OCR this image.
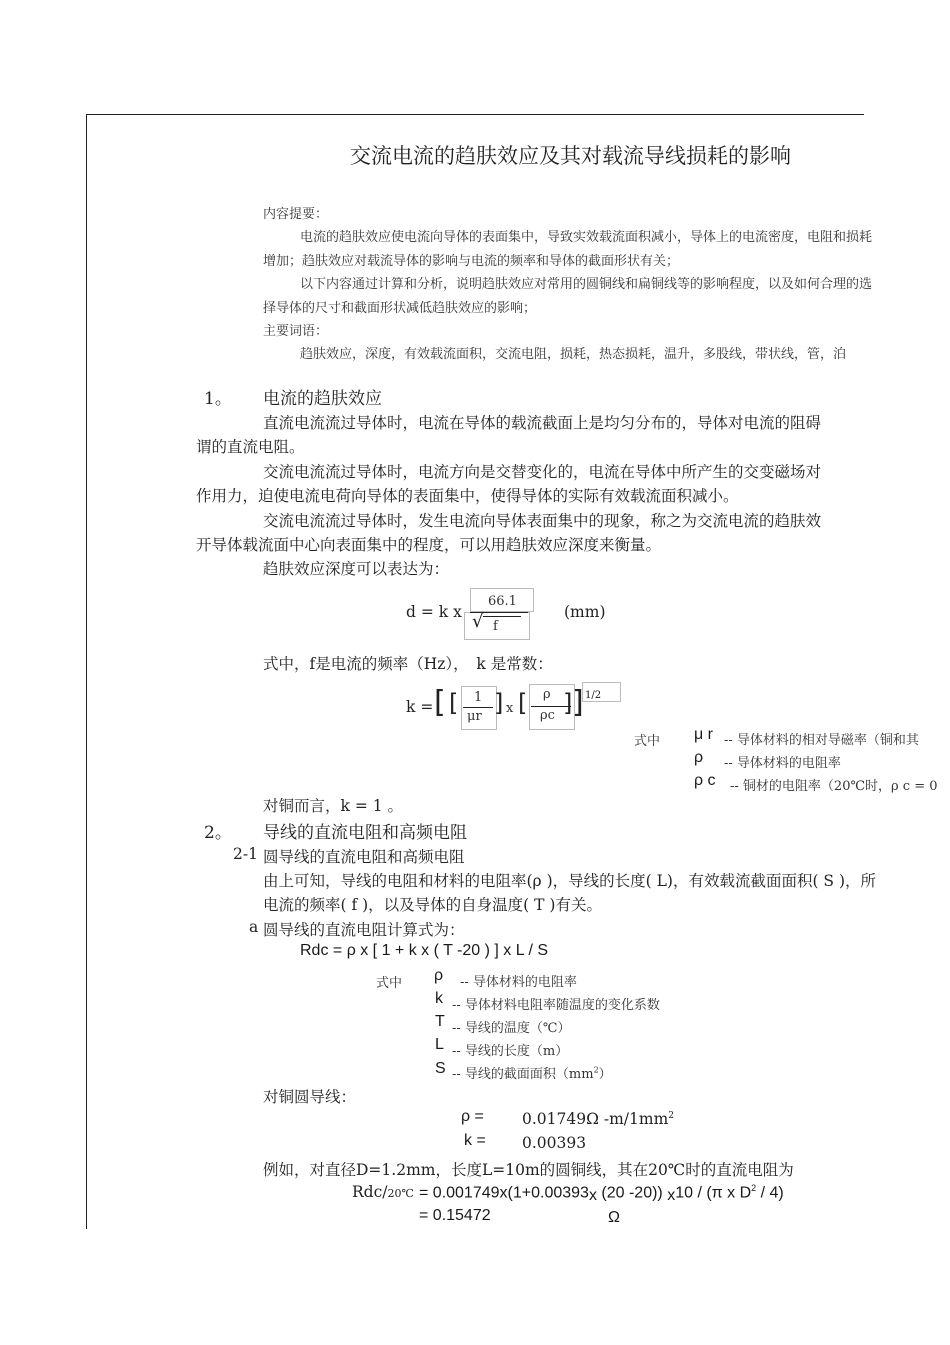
交流电流的趋肤效应及其对载流导线损耗的影响
内容提要：
电流的趋肤效应使电流向导体的表面集中，导致实效载流面积减小，导体上的电流密度，电阻和损耗
增加；趋肤效应对载流导体的影响与电流的频率和导体的截面形状有关；
以下内容通过计算和分析，说明趋肤效应对常用的圆铜线和扁铜线等的影响程度，以及如何合理的选
择导体的尺寸和截面形状减低趋肤效应的影响；
主要词语：
趋肤效应，深度，有效载流面积，交流电阻，损耗，热态损耗，温升，多股线，带状线，管，泊
1。 电流的趋肤效应
直流电流流过导体时，电流在导体的载流截面上是均匀分布的，导体对电流的阻碍
谓的直流电阻。
交流电流流过导体时，电流方向是交替变化的，电流在导体中所产生的交变磁场对
作用力，迫使电流电荷向导体的表面集中，使得导体的实际有效载流面积减小。
交流电流流过导体时，发生电流向导体表面集中的现象，称之为交流电流的趋肤效
开导体载流面中心向表面集中的程度，可以用趋肤效应深度来衡量。
趋肤效应深度可以表达为：
d = k x
66.1
√ f
(mm)
式中，f是电流的频率（Hz），　k 是常数：
k = [ [ 1
μr ] x [ ρ
ρc ] ] 1/2
式中 μ r -- 导体材料的相对导磁率（铜和其
ρ -- 导体材料的电阻率
ρ c -- 铜材的电阻率（20℃时，ρ c = 0
对铜而言，k = 1 。
2。 导线的直流电阻和高频电阻
2-1 圆导线的直流电阻和高频电阻
由上可知，导线的电阻和材料的电阻率(ρ )，导线的长度( L)，有效载流截面面积( S )，所
电流的频率( f )，以及导体的自身温度( T )有关。
a 圆导线的直流电阻计算式为：
Rdc = ρ x [ 1 + k x ( T -20 ) ] x L / S
式中 ρ -- 导体材料的电阻率
k -- 导体材料电阻率随温度的变化系数
T -- 导线的温度（℃）
L -- 导线的长度（m）
S -- 导线的截面面积$(mm^2)$
对铜圆导线：
ρ = 0.01749Ω $-m/1mm^2$
k = 0.00393
例如，对直径D=1.2mm，长度L=10m的圆铜线，其在20℃时的直流电阻为
Rdc/20℃ = 0.001749x(1+0.00393x (20 -20)) x10 / (π x $D^2 / 4$)
= 0.15472	Ω
